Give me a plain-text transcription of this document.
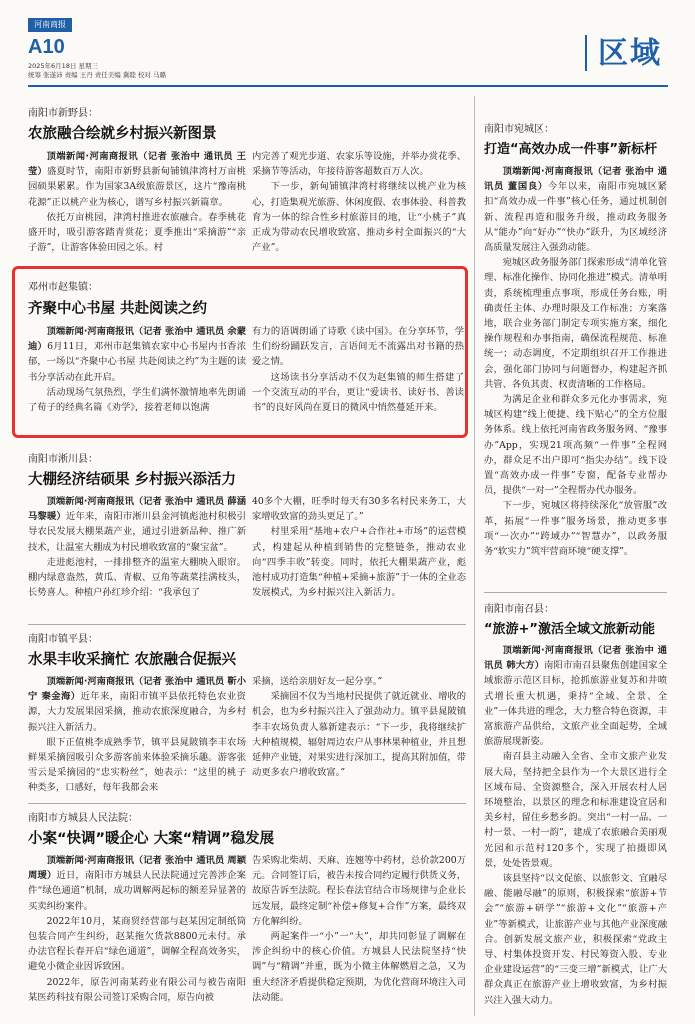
河南商报
A10
2025年6月18日 星期三
统筹 张遂沛 责编 王丹 责任美编 冀睦 校对 马璐
区域
南阳市新野县：
农旅融合绘就乡村振兴新图景

顶端新闻·河南商报讯（记者 张治中 通讯员 王莹）盛夏时节，南阳市新野县新甸铺镇津湾村万亩桃园硕果累累。作为国家3A级旅游景区，这片“豫南桃花源”正以桃产业为核心，谱写乡村振兴新篇章。

依托万亩桃园，津湾村推进农旅融合。春季桃花盛开时，吸引游客踏青赏花；夏季推出“采摘游”“亲子游”，让游客体验田园之乐。村

内完善了观光步道、农家乐等设施，并举办赏花季、采摘节等活动，年接待游客超数百万人次。

下一步，新甸铺镇津湾村将继续以桃产业为核心，打造集观光旅游、休闲度假、农事体验、科普教育为一体的综合性乡村旅游目的地，让“小桃子”真正成为带动农民增收致富、推动乡村全面振兴的“大产业”。

邓州市赵集镇：
齐聚中心书屋 共赴阅读之约

顶端新闻·河南商报讯（记者 张治中 通讯员 余蒙迪）6月11日，邓州市赵集镇农家中心书屋内书香浓郁，一场以“齐聚中心书屋 共赴阅读之约”为主题的读书分享活动在此开启。

活动现场气氛热烈，学生们满怀激情地率先朗诵了荀子的经典名篇《劝学》，接着老师以饱满

有力的语调朗诵了诗歌《读中国》。在分享环节，学生们纷纷踊跃发言，言语间无不流露出对书籍的热爱之情。

这场读书分享活动不仅为赵集镇的师生搭建了一个交流互动的平台，更让“爱读书、读好书、善读书”的良好风尚在夏日的微风中悄然蔓延开来。

南阳市淅川县：
大棚经济结硕果 乡村振兴添活力

顶端新闻·河南商报讯（记者 张治中 通讯员 薛涵 马黎暖）近年来，南阳市淅川县金河镇彪池村积极引导农民发展大棚果蔬产业，通过引进新品种、推广新技术，让温室大棚成为村民增收致富的“聚宝盆”。

走进彪池村，一排排整齐的温室大棚映入眼帘。棚内绿意盎然，黄瓜、青椒、豆角等蔬菜挂满枝头，长势喜人。种植户孙红珍介绍：“我承包了

40多个大棚，旺季时每天有30多名村民来务工，大家增收致富的劲头更足了。”

村里采用“基地+农户+合作社+市场”的运营模式，构建起从种植到销售的完整链条，推动农业向“四季丰收”转变。同时，依托大棚果蔬产业，彪池村成功打造集“种植+采摘+旅游”于一体的全业态发展模式，为乡村振兴注入新活力。

南阳市镇平县：
水果丰收采摘忙 农旅融合促振兴

顶端新闻·河南商报讯（记者 张治中 通讯员 靳小宁 秦金海）近年来，南阳市镇平县依托特色农业资源，大力发展果园采摘，推动农旅深度融合，为乡村振兴注入新活力。

眼下正值桃李成熟季节，镇平县晁陂镇李丰农场鲜果采摘园吸引众多游客前来体验采摘乐趣。游客张雪云是采摘园的“忠实粉丝”，她表示：“这里的桃子种类多，口感好，每年我都会来

采摘，送给亲朋好友一起分享。”

采摘园不仅为当地村民提供了就近就业、增收的机会，也为乡村振兴注入了强劲动力。镇平县晁陂镇李丰农场负责人慕新建表示：“下一步，我将继续扩大种植规模，辐射周边农户从事林果种植业，并且想延伸产业链，对果实进行深加工，提高其附加值，带动更多农户增收致富。”

南阳市方城县人民法院：
小案“快调”暖企心 大案“精调”稳发展

顶端新闻·河南商报讯（记者 张治中 通讯员 周颖 周瑷）近日，南阳市方城县人民法院通过完善涉企案件“绿色通道”机制，成功调解两起标的额差异显著的买卖纠纷案件。

2022年10月，某商贸经营部与赵某因定制纸筒包装合同产生纠纷，赵某拖欠货款8800元未付。承办法官程长春开启“绿色通道”，调解全程高效务实，避免小微企业因诉致困。

2022年，原告河南某药业有限公司与被告南阳某医药科技有限公司签订采购合同，原告向被

告采购北柴胡、天麻、连翘等中药材，总价款200万元。合同签订后，被告未按合同约定履行供货义务，故原告诉至法院。程长春法官结合市场规律与企业长远发展，最终定制“补偿+修复+合作”方案，最终双方化解纠纷。

两起案件一“小”一“大”，却共同彰显了调解在涉企纠纷中的核心价值。方城县人民法院坚持“快调”与“精调”并重，既为小微主体解燃眉之急，又为重大经济矛盾提供稳定预期，为优化营商环境注入司法动能。

南阳市宛城区：
打造“高效办成一件事”新标杆

顶端新闻·河南商报讯（记者 张治中 通讯员 董国良）今年以来，南阳市宛城区紧扣“高效办成一件事”核心任务，通过机制创新、流程再造和服务升级，推动政务服务从“能办”向“好办”“快办”跃升，为区域经济高质量发展注入强劲动能。

宛城区政务服务部门探索形成“清单化管理、标准化操作、协同化推进”模式。清单明责，系统梳理重点事项，形成任务台账，明确责任主体、办理时限及工作标准；方案落地，联合业务部门制定专项实施方案，细化操作规程和办事指南，确保流程规范、标准统一；动态调度，不定期组织召开工作推进会，强化部门协同与问题督办，构建起齐抓共管、各负其责、权责清晰的工作格局。

为满足企业和群众多元化办事需求，宛城区构建“线上便捷、线下贴心”的全方位服务体系。线上依托河南省政务服务网、“豫事办”App，实现21项高频“一件事”全程网办，群众足不出户即可“指尖办结”。线下设置“高效办成一件事”专窗，配备专业帮办员，提供“一对一”全程帮办代办服务。

下一步，宛城区将持续深化“放管服”改革，拓展“一件事”服务场景，推动更多事项“一次办”“跨域办”“智慧办”，以政务服务“软实力”筑牢营商环境“硬支撑”。

南阳市南召县：
“旅游+”激活全域文旅新动能

顶端新闻·河南商报讯（记者 张治中 通讯员 韩大方）南阳市南召县聚焦创建国家全域旅游示范区目标，抢抓旅游业复苏和井喷式增长重大机遇，秉持“全域、全景、全业”一体共进的理念，大力整合特色资源，丰富旅游产品供给，文旅产业全面起势，全域旅游展现新姿。

南召县主动融入全省、全市文旅产业发展大局，坚持把全县作为一个大景区进行全区域布局、全资源整合，深入开展农村人居环境整治，以景区的理念和标准建设宜居和美乡村，留住乡愁乡韵。突出“一村一品、一村一景、一村一韵”，建成了农旅融合美丽观光园和示范村120多个，实现了拍摄即风景，处处皆景观。

该县坚持“以文促旅、以旅彰文、宜融尽融、能融尽融”的原则，积极探索“旅游+节会”“旅游+研学”“旅游+文化”“旅游+产业”等新模式，让旅游产业与其他产业深度融合。创新发展文旅产业，积极探索“党政主导、村集体投资开发、村民筹资入股、专业企业建设运营”的“三变三增”新模式，让广大群众真正在旅游产业上增收致富，为乡村振兴注入强大动力。
